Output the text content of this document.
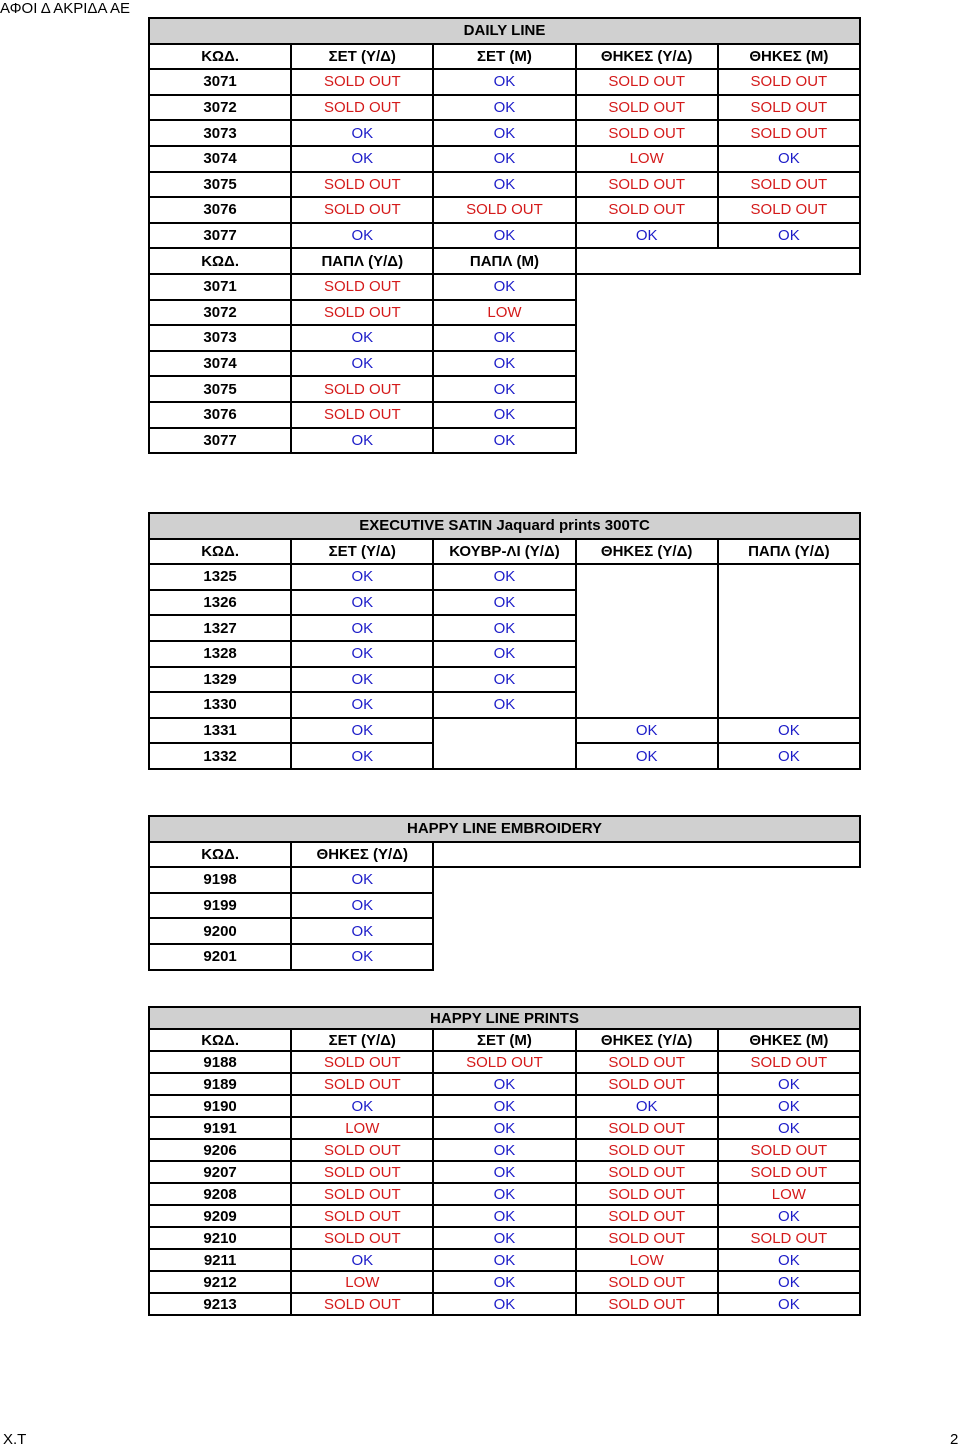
ΑΦΟΙ Δ ΑΚΡΙΔΑ ΑΕ
DAILY LINE				
ΚΩΔ.	ΣΕΤ (Υ/Δ)	ΣΕΤ (Μ)	ΘΗΚΕΣ (Υ/Δ)	ΘΗΚΕΣ (Μ)
3071	SOLD OUT	OK	SOLD OUT	SOLD OUT
3072	SOLD OUT	OK	SOLD OUT	SOLD OUT
3073	OK	OK	SOLD OUT	SOLD OUT
3074	OK	OK	LOW	OK
3075	SOLD OUT	OK	SOLD OUT	SOLD OUT
3076	SOLD OUT	SOLD OUT	SOLD OUT	SOLD OUT
3077	OK	OK	OK	OK
ΚΩΔ.	ΠΑΠΛ (Υ/Δ)	ΠΑΠΛ (Μ)		
3071	SOLD OUT	OK		
3072	SOLD OUT	LOW		
3073	OK	OK		
3074	OK	OK		
3075	SOLD OUT	OK		
3076	SOLD OUT	OK		
3077	OK	OK		
EXECUTIVE SATIN Jaquard prints 300TC				
ΚΩΔ.	ΣΕΤ (Υ/Δ)	ΚΟΥΒΡ-ΛΙ (Υ/Δ)	ΘΗΚΕΣ (Υ/Δ)	ΠΑΠΛ (Υ/Δ)
1325	OK	OK		
1326	OK	OK		
1327	OK	OK		
1328	OK	OK		
1329	OK	OK		
1330	OK	OK		
1331	OK		OK	OK
1332	OK		OK	OK
HAPPY LINE EMBROIDERY		
ΚΩΔ.	ΘΗΚΕΣ (Υ/Δ)	
9198	OK	
9199	OK	
9200	OK	
9201	OK	
HAPPY LINE PRINTS				
ΚΩΔ.	ΣΕΤ (Υ/Δ)	ΣΕΤ (Μ)	ΘΗΚΕΣ (Υ/Δ)	ΘΗΚΕΣ (Μ)
9188	SOLD OUT	SOLD OUT	SOLD OUT	SOLD OUT
9189	SOLD OUT	OK	SOLD OUT	OK
9190	OK	OK	OK	OK
9191	LOW	OK	SOLD OUT	OK
9206	SOLD OUT	OK	SOLD OUT	SOLD OUT
9207	SOLD OUT	OK	SOLD OUT	SOLD OUT
9208	SOLD OUT	OK	SOLD OUT	LOW
9209	SOLD OUT	OK	SOLD OUT	OK
9210	SOLD OUT	OK	SOLD OUT	SOLD OUT
9211	OK	OK	LOW	OK
9212	LOW	OK	SOLD OUT	OK
9213	SOLD OUT	OK	SOLD OUT	OK
Χ.Τ	2
